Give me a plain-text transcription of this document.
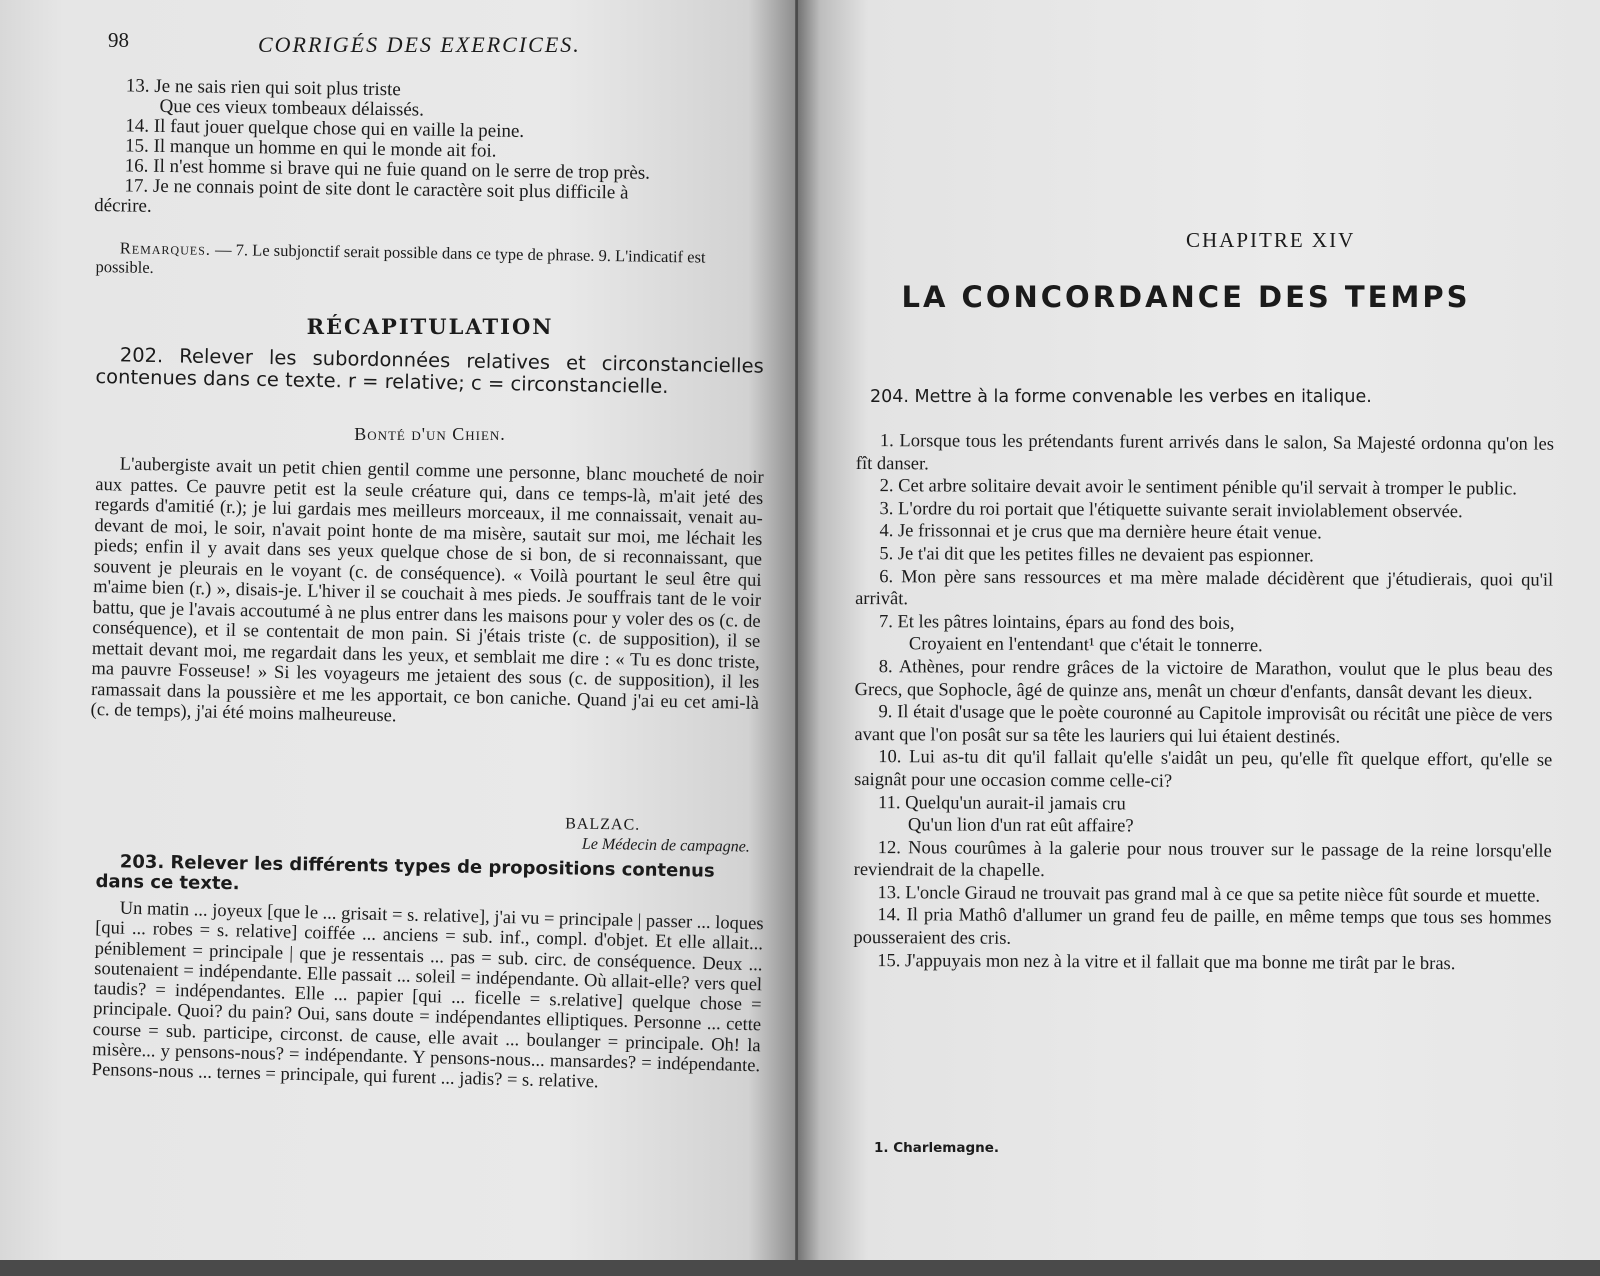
98	CORRIGÉS DES EXERCICES.
13. Je ne sais rien qui soit plus triste
Que ces vieux tombeaux délaissés.
14. Il faut jouer quelque chose qui en vaille la peine.
15. Il manque un homme en qui le monde ait foi.
16. Il n'est homme si brave qui ne fuie quand on le serre de trop près.
17. Je ne connais point de site dont le caractère soit plus difficile à
décrire.
Remarques. — 7. Le subjonctif serait possible dans ce type de phrase. 9. L'indicatif est possible.
RÉCAPITULATION
202. Relever les subordonnées relatives et circonstancielles contenues dans ce texte. r = relative; c = circonstancielle.
Bonté d'un Chien.

L'aubergiste avait un petit chien gentil comme une personne, blanc moucheté de noir aux pattes. Ce pauvre petit est la seule créature qui, dans ce temps-là, m'ait jeté des regards d'amitié (r.); je lui gardais mes meilleurs morceaux, il me connaissait, venait au-devant de moi, le soir, n'avait point honte de ma misère, sautait sur moi, me léchait les pieds; enfin il y avait dans ses yeux quelque chose de si bon, de si reconnaissant, que souvent je pleurais en le voyant (c. de conséquence). « Voilà pourtant le seul être qui m'aime bien (r.) », disais-je. L'hiver il se couchait à mes pieds. Je souffrais tant de le voir battu, que je l'avais accoutumé à ne plus entrer dans les maisons pour y voler des os (c. de conséquence), et il se contentait de mon pain. Si j'étais triste (c. de supposition), il se mettait devant moi, me regardait dans les yeux, et semblait me dire : « Tu es donc triste, ma pauvre Fosseuse! » Si les voyageurs me jetaient des sous (c. de supposition), il les ramassait dans la poussière et me les apportait, ce bon caniche. Quand j'ai eu cet ami-là (c. de temps), j'ai été moins malheureuse.

BALZAC.
Le Médecin de campagne.
203. Relever les différents types de propositions contenus dans ce texte.

Un matin ... joyeux [que le ... grisait = s. relative], j'ai vu = principale | passer ... loques [qui ... robes = s. relative] coiffée ... anciens = sub. inf., compl. d'objet. Et elle allait... péniblement = principale | que je ressentais ... pas = sub. circ. de conséquence. Deux ... soutenaient = indépendante. Elle passait ... soleil = indépendante. Où allait-elle? vers quel taudis? = indépendantes. Elle ... papier [qui ... ficelle = s.relative] quelque chose = principale. Quoi? du pain? Oui, sans doute = indépendantes elliptiques. Personne ... cette course = sub. participe, circonst. de cause, elle avait ... boulanger = principale. Oh! la misère... y pensons-nous? = indépendante. Y pensons-nous... mansardes? = indépendante. Pensons-nous ... ternes = principale, qui furent ... jadis? = s. relative.

CHAPITRE XIV
LA CONCORDANCE DES TEMPS
204. Mettre à la forme convenable les verbes en italique.

1. Lorsque tous les prétendants furent arrivés dans le salon, Sa Majesté ordonna qu'on les fît danser.

2. Cet arbre solitaire devait avoir le sentiment pénible qu'il servait à tromper le public.

3. L'ordre du roi portait que l'étiquette suivante serait inviolablement observée.

4. Je frissonnai et je crus que ma dernière heure était venue.

5. Je t'ai dit que les petites filles ne devaient pas espionner.

6. Mon père sans ressources et ma mère malade décidèrent que j'étudierais, quoi qu'il arrivât.

7. Et les pâtres lointains, épars au fond des bois,

Croyaient en l'entendant¹ que c'était le tonnerre.

8. Athènes, pour rendre grâces de la victoire de Marathon, voulut que le plus beau des Grecs, que Sophocle, âgé de quinze ans, menât un chœur d'enfants, dansât devant les dieux.

9. Il était d'usage que le poète couronné au Capitole improvisât ou récitât une pièce de vers avant que l'on posât sur sa tête les lauriers qui lui étaient destinés.

10. Lui as-tu dit qu'il fallait qu'elle s'aidât un peu, qu'elle fît quelque effort, qu'elle se saignât pour une occasion comme celle-ci?

11. Quelqu'un aurait-il jamais cru

Qu'un lion d'un rat eût affaire?

12. Nous courûmes à la galerie pour nous trouver sur le passage de la reine lorsqu'elle reviendrait de la chapelle.

13. L'oncle Giraud ne trouvait pas grand mal à ce que sa petite nièce fût sourde et muette.

14. Il pria Mathô d'allumer un grand feu de paille, en même temps que tous ses hommes pousseraient des cris.

15. J'appuyais mon nez à la vitre et il fallait que ma bonne me tirât par le bras.

1. Charlemagne.
